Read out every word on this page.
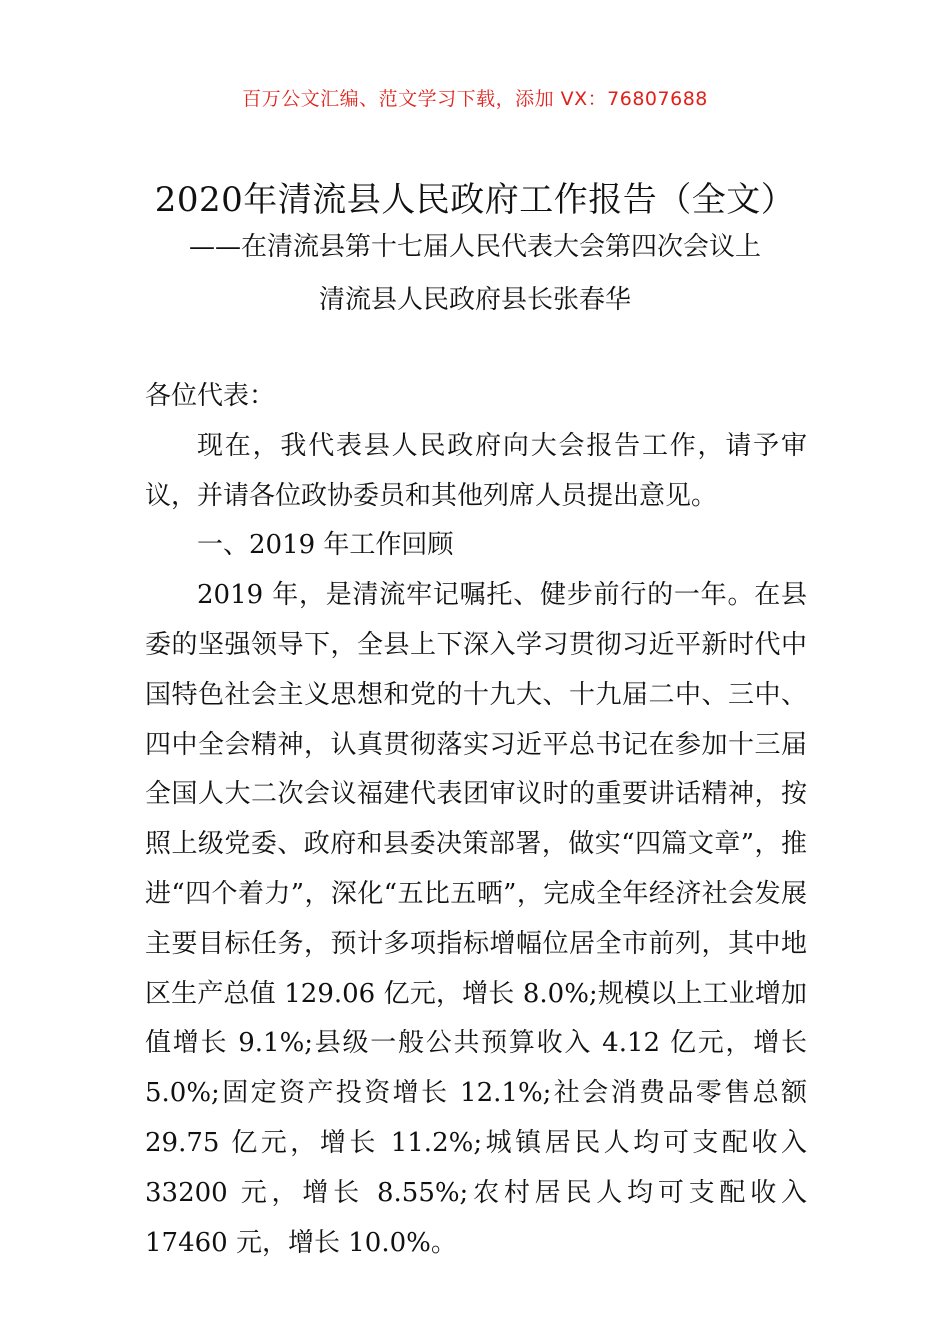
百万公文汇编、范文学习下载，添加 VX：76807688
2020年清流县人民政府工作报告（全文）
——在清流县第十七届人民代表大会第四次会议上
清流县人民政府县长张春华

各位代表：

现在，我代表县人民政府向大会报告工作，请予审议，并请各位政协委员和其他列席人员提出意见。

一、2019 年工作回顾

2019 年，是清流牢记嘱托、健步前行的一年。在县委的坚强领导下，全县上下深入学习贯彻习近平新时代中国特色社会主义思想和党的十九大、十九届二中、三中、四中全会精神，认真贯彻落实习近平总书记在参加十三届全国人大二次会议福建代表团审议时的重要讲话精神，按照上级党委、政府和县委决策部署，做实“四篇文章”，推进“四个着力”，深化“五比五晒”，完成全年经济社会发展主要目标任务，预计多项指标增幅位居全市前列，其中地区生产总值 129.06 亿元，增长 8.0%;规模以上工业增加值增长 9.1%;县级一般公共预算收入 4.12 亿元，增长 5.0%;固定资产投资增长 12.1%;社会消费品零售总额 29.75 亿元，增长 11.2%;城镇居民人均可支配收入 33200 元，增长 8.55%;农村居民人均可支配收入 17460 元，增长 10.0%。
